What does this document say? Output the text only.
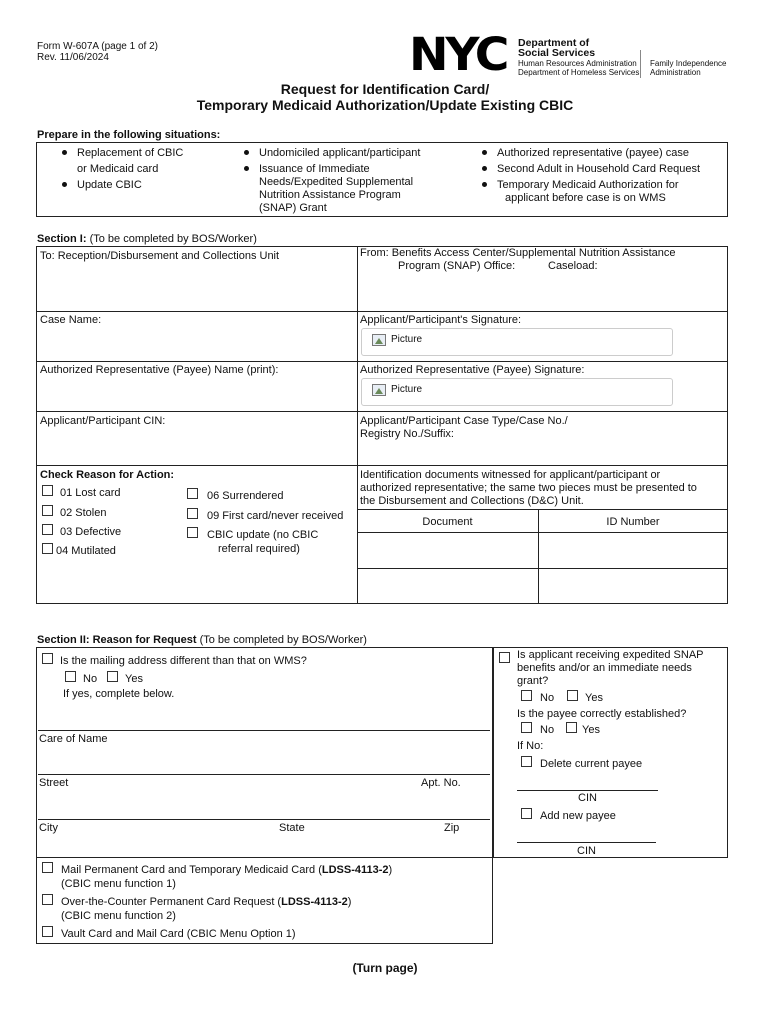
Form W-607A (page 1 of 2)
Rev. 11/06/2024	NYC Department of
Social Services
Human Resources Administration
Department of Homeless Services
Family Independence
Administration
Request for Identification Card/
Temporary Medicaid Authorization/Update Existing CBIC
Prepare in the following situations:
Replacement of CBIC
or Medicaid card
Update CBIC
Undomiciled applicant/participant
Issuance of Immediate
Needs/Expedited Supplemental
Nutrition Assistance Program
(SNAP) Grant
Authorized representative (payee) case
Second Adult in Household Card Request
Temporary Medicaid Authorization for
applicant before case is on WMS
Section I: (To be completed by BOS/Worker)
To: Reception/Disbursement and Collections Unit	From: Benefits Access Center/Supplemental Nutrition Assistance
Program (SNAP) Office:	Caseload:
Case Name:	Applicant/Participant's Signature:
Picture
Authorized Representative (Payee) Name (print):	Authorized Representative (Payee) Signature:
Picture
Applicant/Participant CIN:	Applicant/Participant Case Type/Case No./
Registry No./Suffix:
Check Reason for Action:
01 Lost card
02 Stolen
03 Defective
04 Mutilated
06 Surrendered
09 First card/never received
CBIC update (no CBIC
referral required)
Identification documents witnessed for applicant/participant or
authorized representative; the same two pieces must be presented to
the Disbursement and Collections (D&C) Unit.
Document	ID Number
Section II: Reason for Request (To be completed by BOS/Worker)
Is the mailing address different than that on WMS?
No	Yes
If yes, complete below.
Care of Name
Street	Apt. No.
City	State	Zip
Is applicant receiving expedited SNAP
benefits and/or an immediate needs
grant?
No	Yes
Is the payee correctly established?
No	Yes
If No:
Delete current payee
CIN
Add new payee
CIN
Mail Permanent Card and Temporary Medicaid Card (LDSS-4113-2)
(CBIC menu function 1)
Over-the-Counter Permanent Card Request (LDSS-4113-2)
(CBIC menu function 2)
Vault Card and Mail Card (CBIC Menu Option 1)
(Turn page)
